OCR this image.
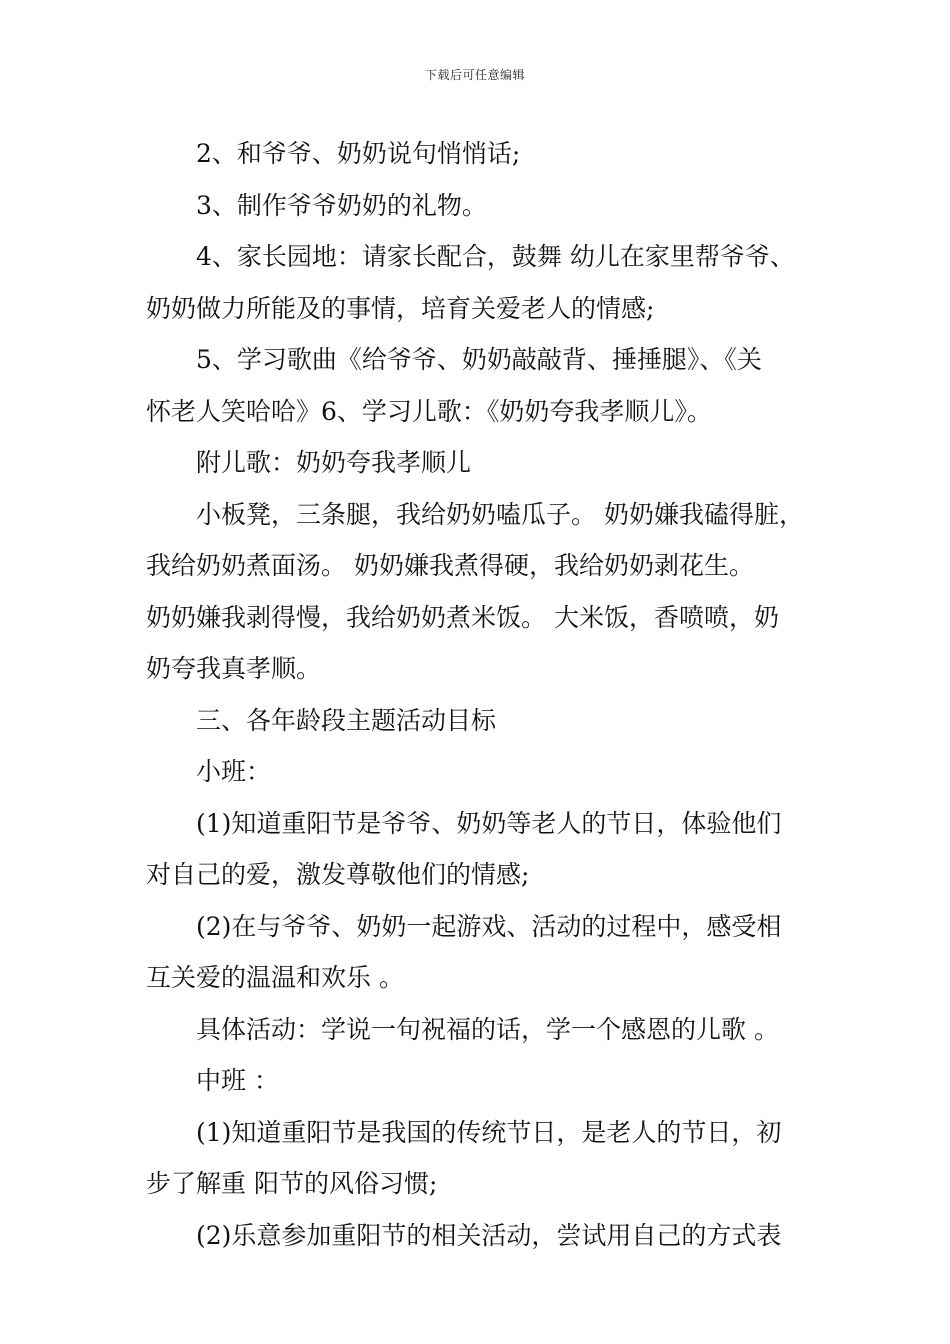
下载后可任意编辑

2、和爷爷、奶奶说句悄悄话;

3、制作爷爷奶奶的礼物。

4、家长园地：请家长配合，鼓舞 幼儿在家里帮爷爷、
奶奶做力所能及的事情，培育关爱老人的情感;

5、学习歌曲《给爷爷、奶奶敲敲背、捶捶腿》、《关
怀老人笑哈哈》6、学习儿歌：《奶奶夸我孝顺儿》。

附儿歌：奶奶夸我孝顺儿

小板凳，三条腿，我给奶奶嗑瓜子。 奶奶嫌我磕得脏，
我给奶奶煮面汤。 奶奶嫌我煮得硬，我给奶奶剥花生。
奶奶嫌我剥得慢，我给奶奶煮米饭。 大米饭，香喷喷，奶
奶夸我真孝顺。

三、各年龄段主题活动目标

小班：

(1)知道重阳节是爷爷、奶奶等老人的节日，体验他们
对自己的爱，激发尊敬他们的情感;

(2)在与爷爷、奶奶一起游戏、活动的过程中，感受相
互关爱的温温和欢乐 。

具体活动：学说一句祝福的话，学一个感恩的儿歌 。

中班 ：

(1)知道重阳节是我国的传统节日，是老人的节日，初
步了解重 阳节的风俗习惯;

(2)乐意参加重阳节的相关活动，尝试用自己的方式表
